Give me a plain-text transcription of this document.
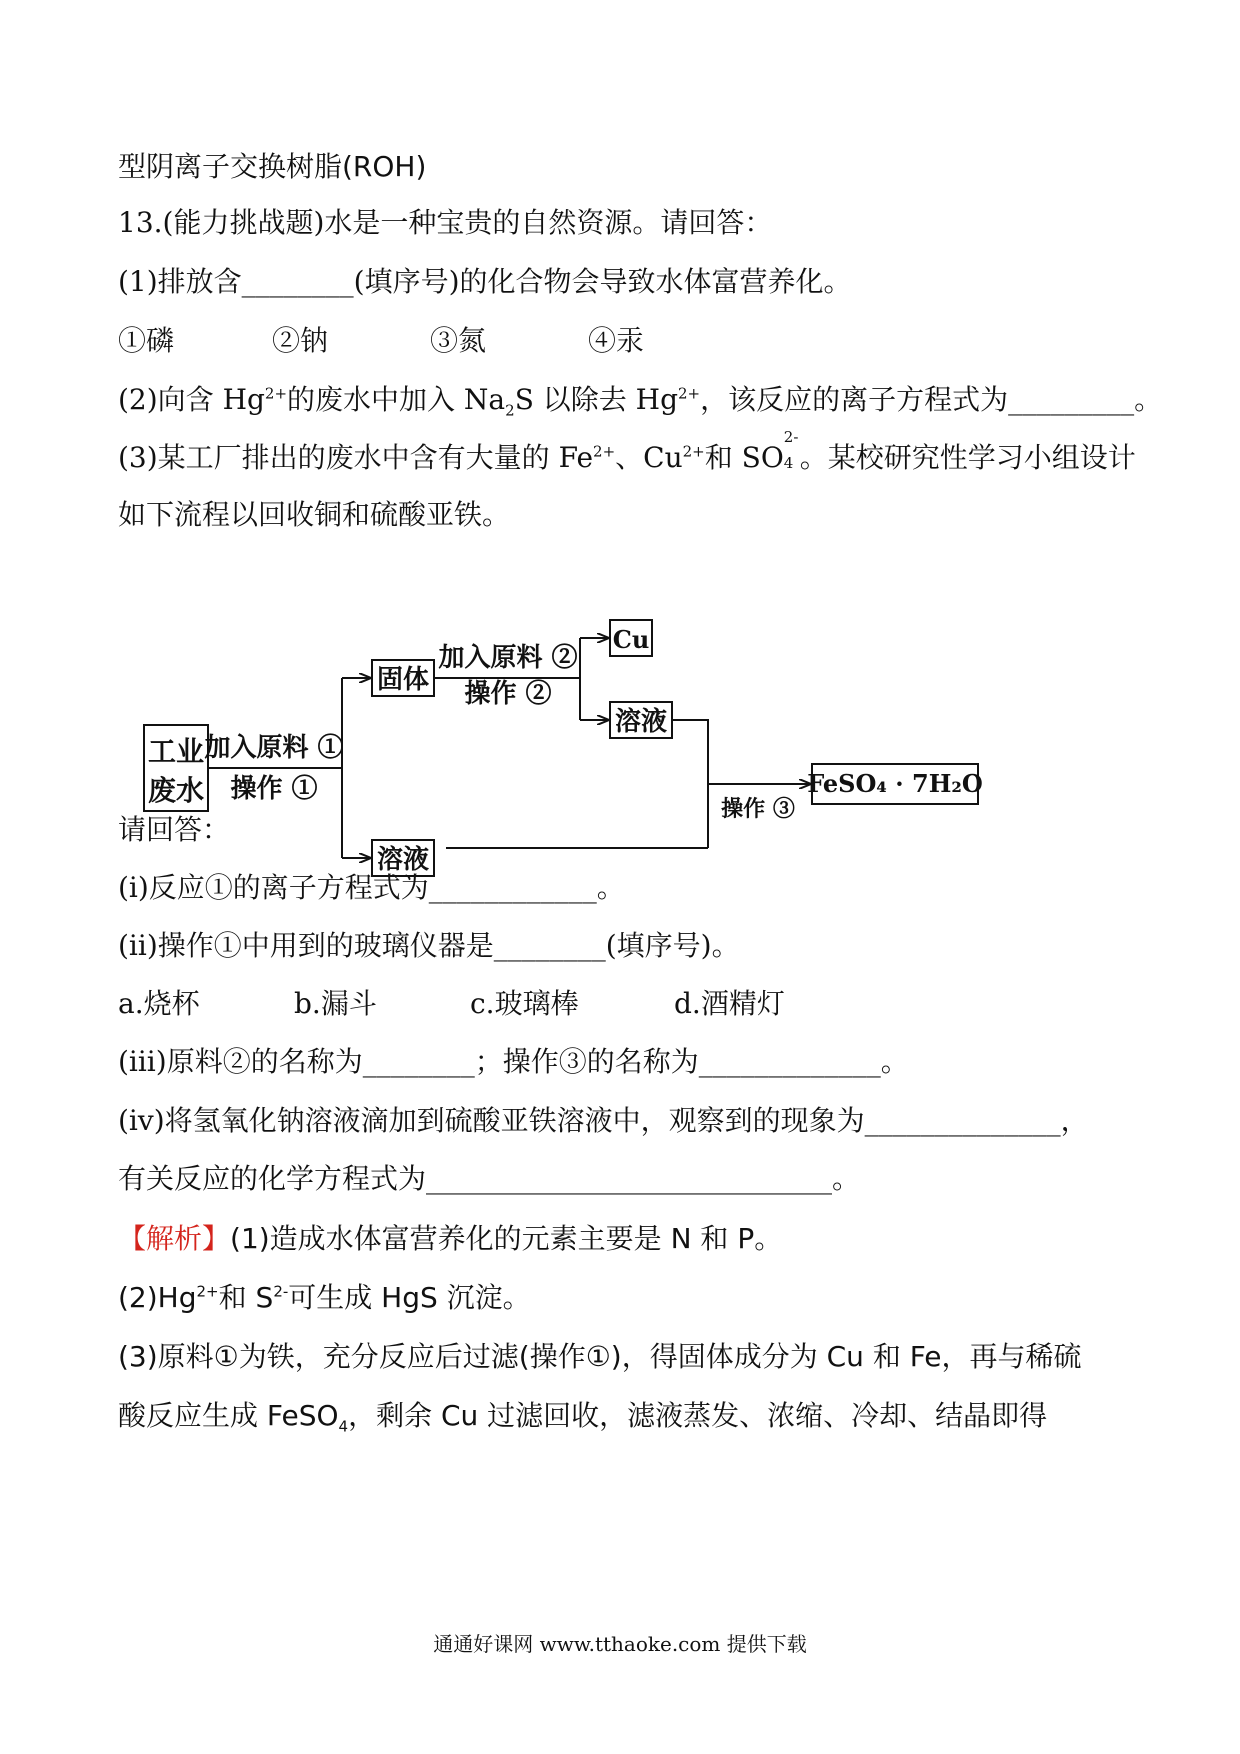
型阴离子交换树脂(ROH)
13.(能力挑战题)水是一种宝贵的自然资源。请回答：
(1)排放含________(填序号)的化合物会导致水体富营养化。
①磷	②钠	③氮	④汞
(2)向含 $Hg^{2+}$的废水中加入 $Na_2S$ 以除去 $Hg^{2+}$，该反应的离子方程式为_________。
(3)某工厂排出的废水中含有大量的 $Fe^{2+}$、$Cu^{2+}$和 SO
2-
4 。某校研究性学习小组设计
如下流程以回收铜和硫酸亚铁。
工业
废水
加入原料 ①
操作 ①
固体
溶液
加入原料 ②
操作 ②
Cu
溶液
操作 ③
FeSO₄ · 7H₂O
请回答：
(ⅰ)反应①的离子方程式为____________。
(ⅱ)操作①中用到的玻璃仪器是________(填序号)。
a.烧杯	b.漏斗	c.玻璃棒	d.酒精灯
(ⅲ)原料②的名称为________；操作③的名称为_____________。
(ⅳ)将氢氧化钠溶液滴加到硫酸亚铁溶液中，观察到的现象为______________，
有关反应的化学方程式为_____________________________。
【解析】(1)造成水体富营养化的元素主要是 N 和 P。
$(2)Hg^{2+}$和 $S^{2-}$可生成 HgS 沉淀。
(3)原料①为铁，充分反应后过滤(操作①)，得固体成分为 Cu 和 Fe，再与稀硫
酸反应生成 FeSO$_4$，剩余 Cu 过滤回收，滤液蒸发、浓缩、冷却、结晶即得
通通好课网 www.tthaoke.com 提供下载
